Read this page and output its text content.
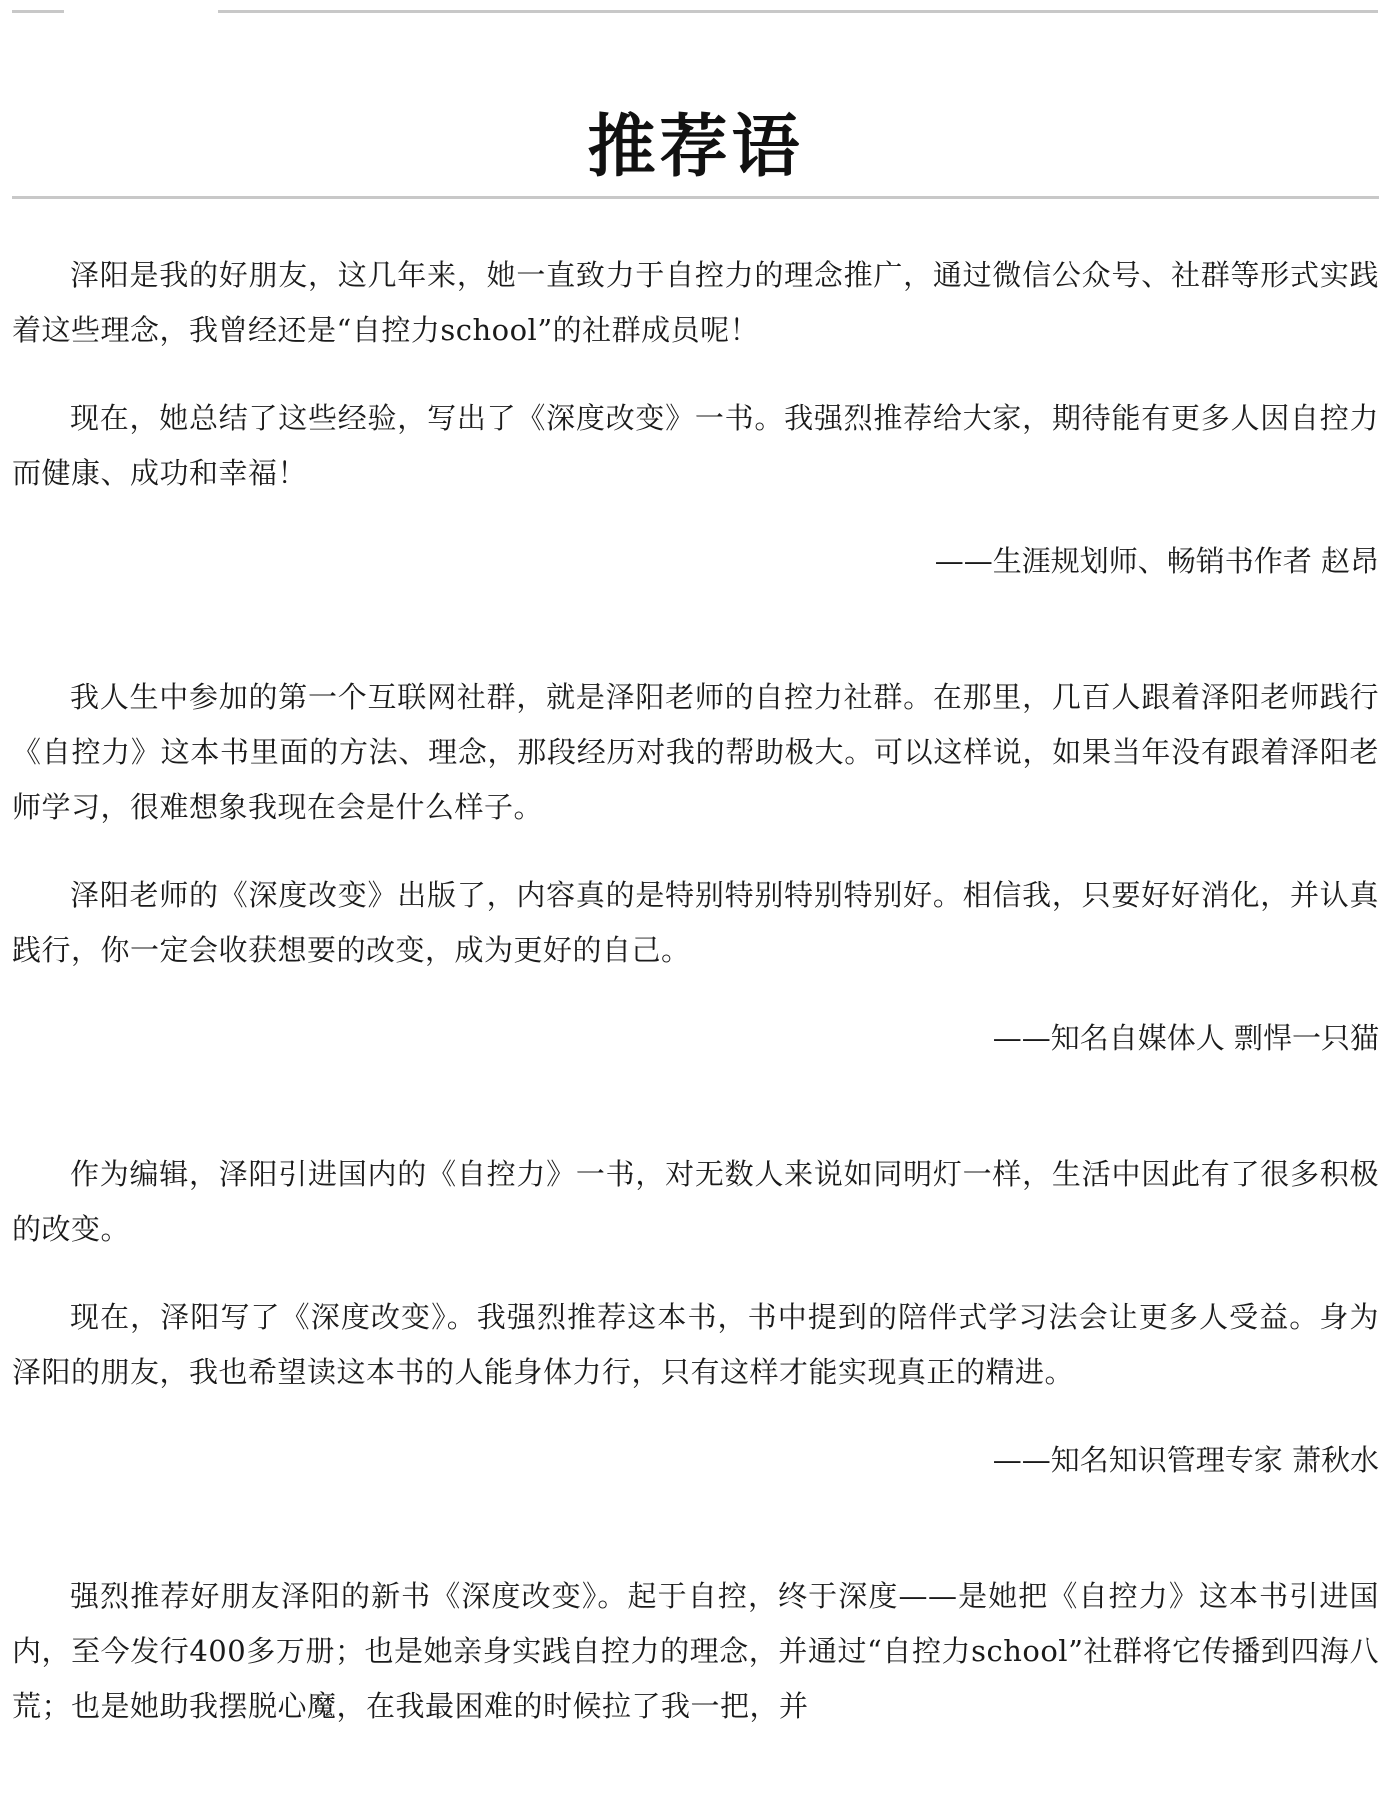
推荐语

泽阳是我的好朋友，这几年来，她一直致力于自控力的理念推广，通过微信公众号、社群等形式实践着这些理念，我曾经还是“自控力school”的社群成员呢！

现在，她总结了这些经验，写出了《深度改变》一书。我强烈推荐给大家，期待能有更多人因自控力而健康、成功和幸福！

——生涯规划师、畅销书作者 赵昂

我人生中参加的第一个互联网社群，就是泽阳老师的自控力社群。在那里，几百人跟着泽阳老师践行《自控力》这本书里面的方法、理念，那段经历对我的帮助极大。可以这样说，如果当年没有跟着泽阳老师学习，很难想象我现在会是什么样子。

泽阳老师的《深度改变》出版了，内容真的是特别特别特别特别好。相信我，只要好好消化，并认真践行，你一定会收获想要的改变，成为更好的自己。

——知名自媒体人 剽悍一只猫

作为编辑，泽阳引进国内的《自控力》一书，对无数人来说如同明灯一样，生活中因此有了很多积极的改变。

现在，泽阳写了《深度改变》。我强烈推荐这本书，书中提到的陪伴式学习法会让更多人受益。身为泽阳的朋友，我也希望读这本书的人能身体力行，只有这样才能实现真正的精进。

——知名知识管理专家 萧秋水

强烈推荐好朋友泽阳的新书《深度改变》。起于自控，终于深度——是她把《自控力》这本书引进国内，至今发行400多万册；也是她亲身实践自控力的理念，并通过“自控力school”社群将它传播到四海八荒；也是她助我摆脱心魔，在我最困难的时候拉了我一把，并
